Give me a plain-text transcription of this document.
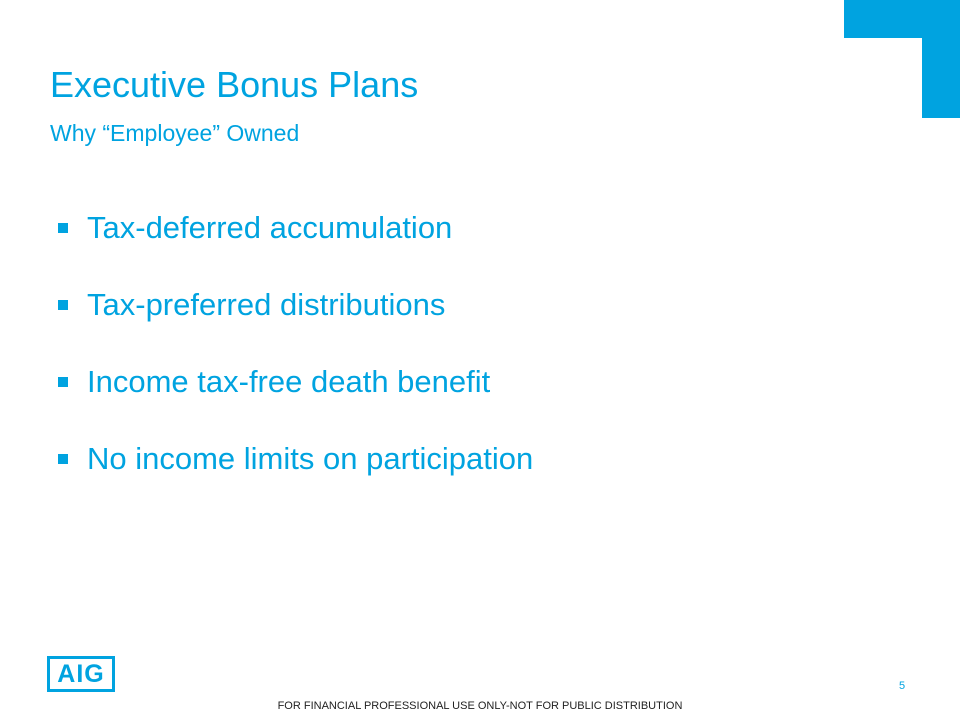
Executive Bonus Plans
Why “Employee” Owned
Tax-deferred accumulation
Tax-preferred distributions
Income tax-free death benefit
No income limits on participation
AIG	5
FOR FINANCIAL PROFESSIONAL USE ONLY-NOT FOR PUBLIC DISTRIBUTION
